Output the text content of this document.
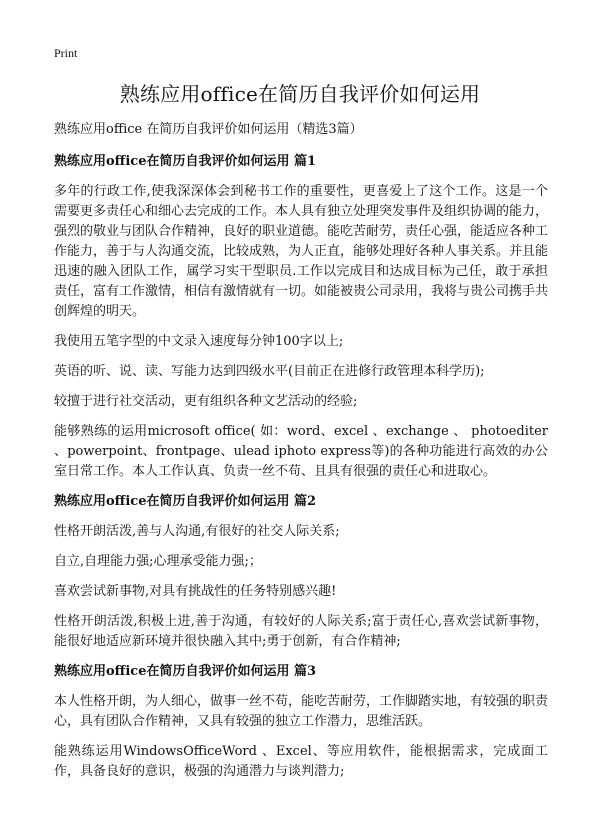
Print
熟练应用office在简历自我评价如何运用

熟练应用office 在简历自我评价如何运用（精选3篇）

熟练应用office在简历自我评价如何运用 篇1

多年的行政工作,使我深深体会到秘书工作的重要性，更喜爱上了这个工作。这是一个需要更多责任心和细心去完成的工作。本人具有独立处理突发事件及组织协调的能力，强烈的敬业与团队合作精神，良好的职业道德。能吃苦耐劳，责任心强，能适应各种工作能力，善于与人沟通交流，比较成熟，为人正直，能够处理好各种人事关系。并且能迅速的融入团队工作，属学习实干型职员.工作以完成目和达成目标为己任，敢于承担责任，富有工作激情，相信有激情就有一切。如能被贵公司录用，我将与贵公司携手共创辉煌的明天。

我使用五笔字型的中文录入速度每分钟100字以上;

英语的听、说、读、写能力达到四级水平(目前正在进修行政管理本科学历);

较擅于进行社交活动，更有组织各种文艺活动的经验;

能够熟练的运用microsoft office( 如：word、excel 、exchange 、 photoediter 、powerpoint、frontpage、ulead iphoto express等)的各种功能进行高效的办公室日常工作。本人工作认真、负责一丝不苟、且具有很强的责任心和进取心。

熟练应用office在简历自我评价如何运用 篇2

性格开朗活泼,善与人沟通,有很好的社交人际关系;

自立,自理能力强;心理承受能力强;；

喜欢尝试新事物,对具有挑战性的任务特别感兴趣!

性格开朗活泼,积极上进,善于沟通，有较好的人际关系;富于责任心,喜欢尝试新事物，能很好地适应新环境并很快融入其中;勇于创新，有合作精神;

熟练应用office在简历自我评价如何运用 篇3

本人性格开朗，为人细心，做事一丝不苟，能吃苦耐劳，工作脚踏实地，有较强的职责心，具有团队合作精神，又具有较强的独立工作潜力，思维活跃。

能熟练运用WindowsOfficeWord 、Excel、等应用软件，能根据需求，完成面工作，具备良好的意识，极强的沟通潜力与谈判潜力;
